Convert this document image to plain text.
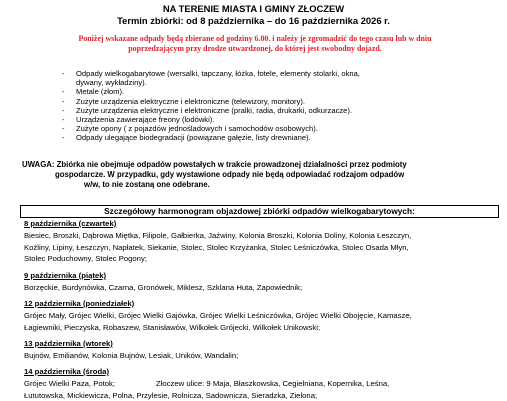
NA TERENIE MIASTA I GMINY ZŁOCZEW
Termin zbiórki: od 8 października – do 16 października 2026 r.
Poniżej wskazane odpady będą zbierane od godziny 6.00. i należy je zgromadzić do tego czasu lub w dniu
poprzedzającym przy drodze utwardzonej, do której jest swobodny dojazd.
- Odpady wielkogabarytowe (wersalki, tapczany, łóżka, fotele, elementy stolarki, okna,
dywany, wykładziny).
- Metale (złom).
- Zużyte urządzenia elektryczne i elektroniczne (telewizory, monitory).
- Zużyte urządzenia elektryczne i elektroniczne (pralki, radia, drukarki, odkurzacze).
- Urządzenia zawierające freony (lodówki).
- Zużyte opony ( z pojazdów jednośladowych i samochodów osobowych).
- Odpady ulegające biodegradacji (powiązane gałęzie, listy drewniane).
UWAGA: Zbiórka nie obejmuje odpadów powstałych w trakcie prowadzonej działalności przez podmioty
gospodarcze. W przypadku, gdy wystawione odpady nie będą odpowiadać rodzajom odpadów
w/w, to nie zostaną one odebrane.
Szczegółowy harmonogram objazdowej zbiórki odpadów wielkogabarytowych:
8 października (czwartek)
Biesiec, Broszki, Dąbrowa Miętka, Filipole, Gałbierka, Jaźwiny, Kolonia Broszki, Kolonia Doliny, Kolonia Łeszczyn,
Koźliny, Lipiny, Łeszczyn, Napłatek, Siekanie, Stolec, Stolec Krzyżanka, Stolec Leśniczówka, Stolec Osada Młyn,
Stolec Poduchowny, Stolec Pogony;
9 października (piątek)
Borzęckie, Burdynówka, Czarna, Gronówek, Miklesz, Szklana Huta, Zapowiednik;
12 października (poniedziałek)
Grójec Mały, Grójec Wielki, Grójec Wielki Gajówka, Grójec Wielki Leśniczówka, Grójec Wielki Obojęcie, Kamasze,
Łagiewniki, Pieczyska, Robaszew, Stanisławów, Wilkołek Grójecki, Wilkołek Unikowski;
13 października (wtorek)
Bujnów, Emilianów, Kolonia Bujnów, Lesiak, Uników, Wandalin;
14 października (środa)
Grójec Wielki Paza, Potok;	Złoczew ulice: 9 Maja, Błaszkowska, Cegielniana, Kopernika, Leśna,
Łututowska, Mickiewicza, Polna, Przylesie, Rolnicza, Sadownicza, Sieradzka, Zielona;
